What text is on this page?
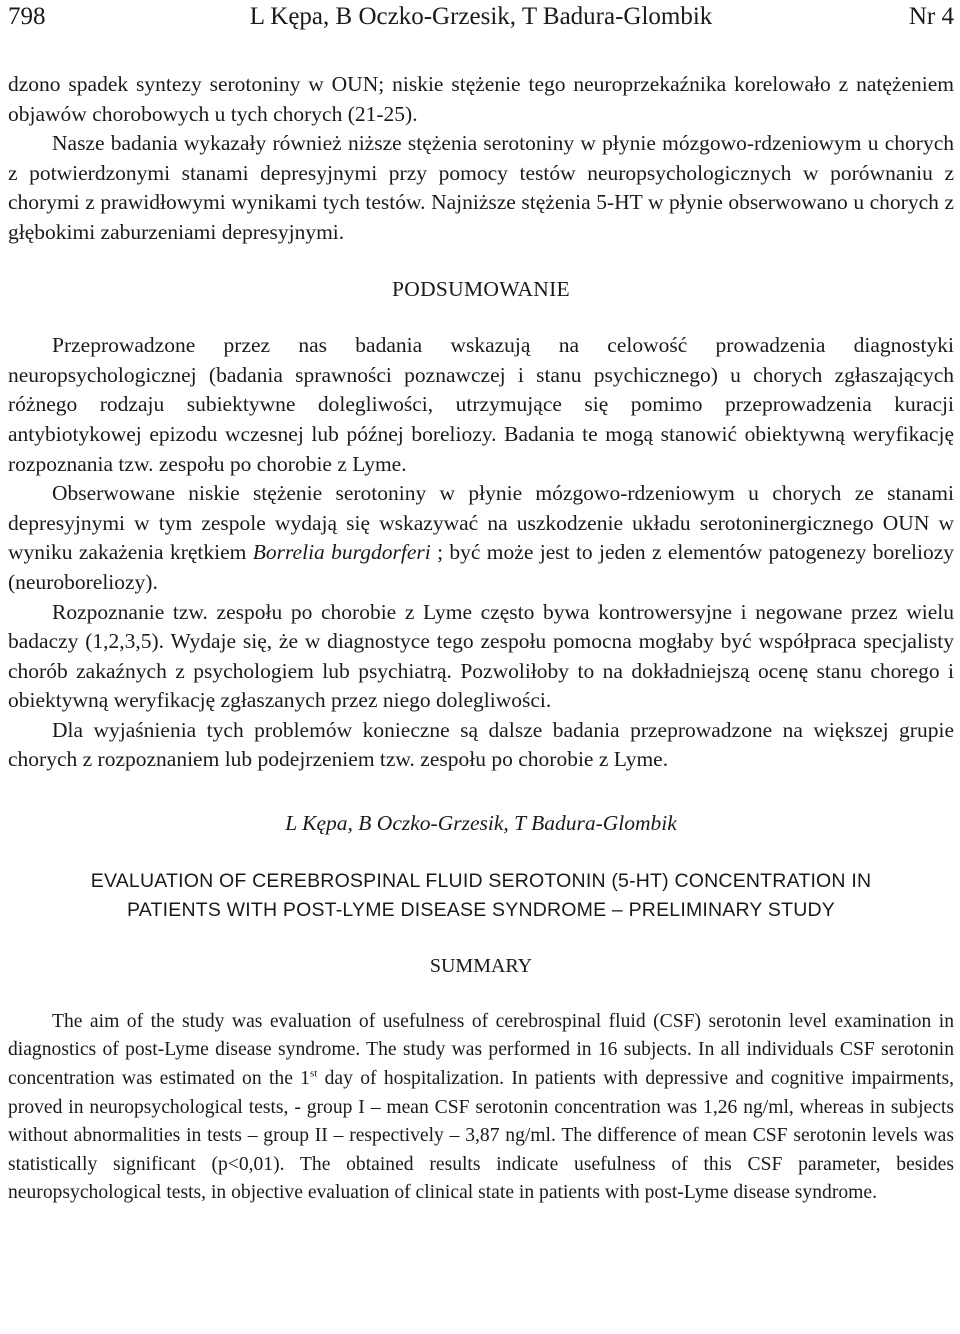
798	L Kępa, B Oczko-Grzesik, T Badura-Glombik	Nr 4

dzono spadek syntezy serotoniny w OUN; niskie stężenie tego neuroprzekaźnika korelowało z natężeniem objawów chorobowych u tych chorych (21-25).

Nasze badania wykazały również niższe stężenia serotoniny w płynie mózgowo-rdzeniowym u chorych z potwierdzonymi stanami depresyjnymi przy pomocy testów neuropsychologicznych w porównaniu z chorymi z prawidłowymi wynikami tych testów. Najniższe stężenia 5-HT w płynie obserwowano u chorych z głębokimi zaburzeniami depresyjnymi.

PODSUMOWANIE

Przeprowadzone przez nas badania wskazują na celowość prowadzenia diagnostyki neuropsychologicznej (badania sprawności poznawczej i stanu psychicznego) u chorych zgłaszających różnego rodzaju subiektywne dolegliwości, utrzymujące się pomimo przeprowadzenia kuracji antybiotykowej epizodu wczesnej lub późnej boreliozy. Badania te mogą stanowić obiektywną weryfikację rozpoznania tzw. zespołu po chorobie z Lyme.

Obserwowane niskie stężenie serotoniny w płynie mózgowo-rdzeniowym u chorych ze stanami depresyjnymi w tym zespole wydają się wskazywać na uszkodzenie układu serotoninergicznego OUN w wyniku zakażenia krętkiem Borrelia burgdorferi ; być może jest to jeden z elementów patogenezy boreliozy (neuroboreliozy).

Rozpoznanie tzw. zespołu po chorobie z Lyme często bywa kontrowersyjne i negowane przez wielu badaczy (1,2,3,5). Wydaje się, że w diagnostyce tego zespołu pomocna mogłaby być współpraca specjalisty chorób zakaźnych z psychologiem lub psychiatrą. Pozwoliłoby to na dokładniejszą ocenę stanu chorego i obiektywną weryfikację zgłaszanych przez niego dolegliwości.

Dla wyjaśnienia tych problemów konieczne są dalsze badania przeprowadzone na większej grupie chorych z rozpoznaniem lub podejrzeniem tzw. zespołu po chorobie z Lyme.

L Kępa, B Oczko-Grzesik, T Badura-Glombik
EVALUATION OF CEREBROSPINAL FLUID SEROTONIN (5-HT) CONCENTRATION IN
PATIENTS WITH POST-LYME DISEASE SYNDROME – PRELIMINARY STUDY
SUMMARY

The aim of the study was evaluation of usefulness of cerebrospinal fluid (CSF) serotonin level examination in diagnostics of post-Lyme disease syndrome. The study was performed in 16 subjects. In all individuals CSF serotonin concentration was estimated on the 1st day of hospitalization. In patients with depressive and cognitive impairments, proved in neuropsychological tests, - group I – mean CSF serotonin concentration was 1,26 ng/ml, whereas in subjects without abnormalities in tests – group II – respectively – 3,87 ng/ml. The difference of mean CSF serotonin levels was statistically significant (p<0,01). The obtained results indicate usefulness of this CSF parameter, besides neuropsychological tests, in objective evaluation of clinical state in patients with post-Lyme disease syndrome.
